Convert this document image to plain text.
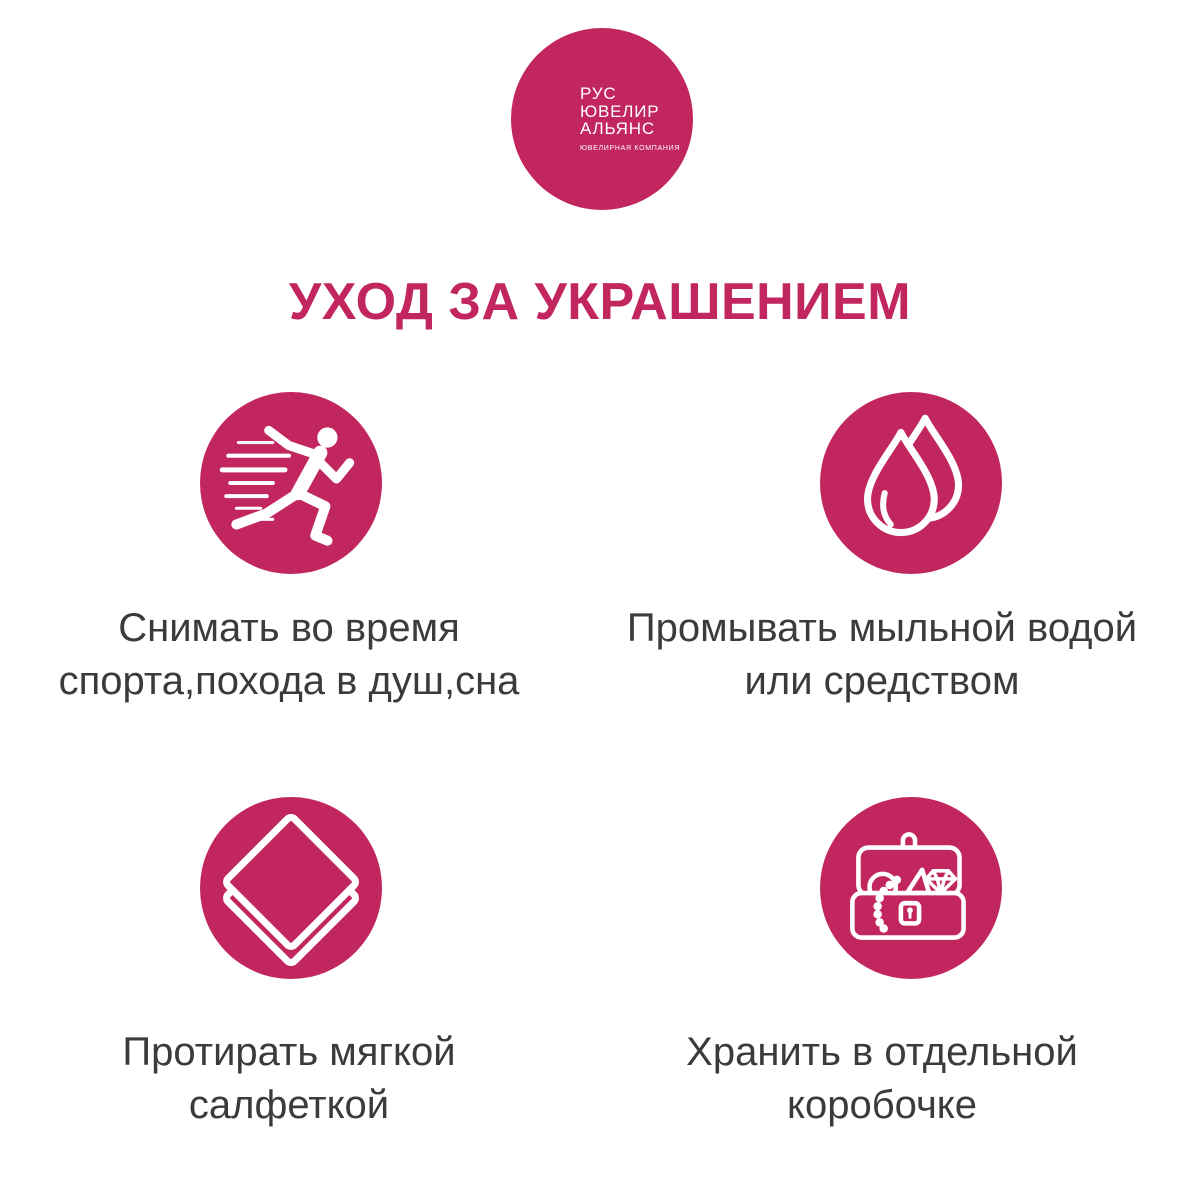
РУС
ЮВЕЛИР
АЛЬЯНС
ЮВЕЛИРНАЯ КОМПАНИЯ
УХОД ЗА УКРАШЕНИЕМ
Снимать во время
спорта,похода в душ,сна
Промывать мыльной водой
или средством
Протирать мягкой
салфеткой
Хранить в отдельной
коробочке
